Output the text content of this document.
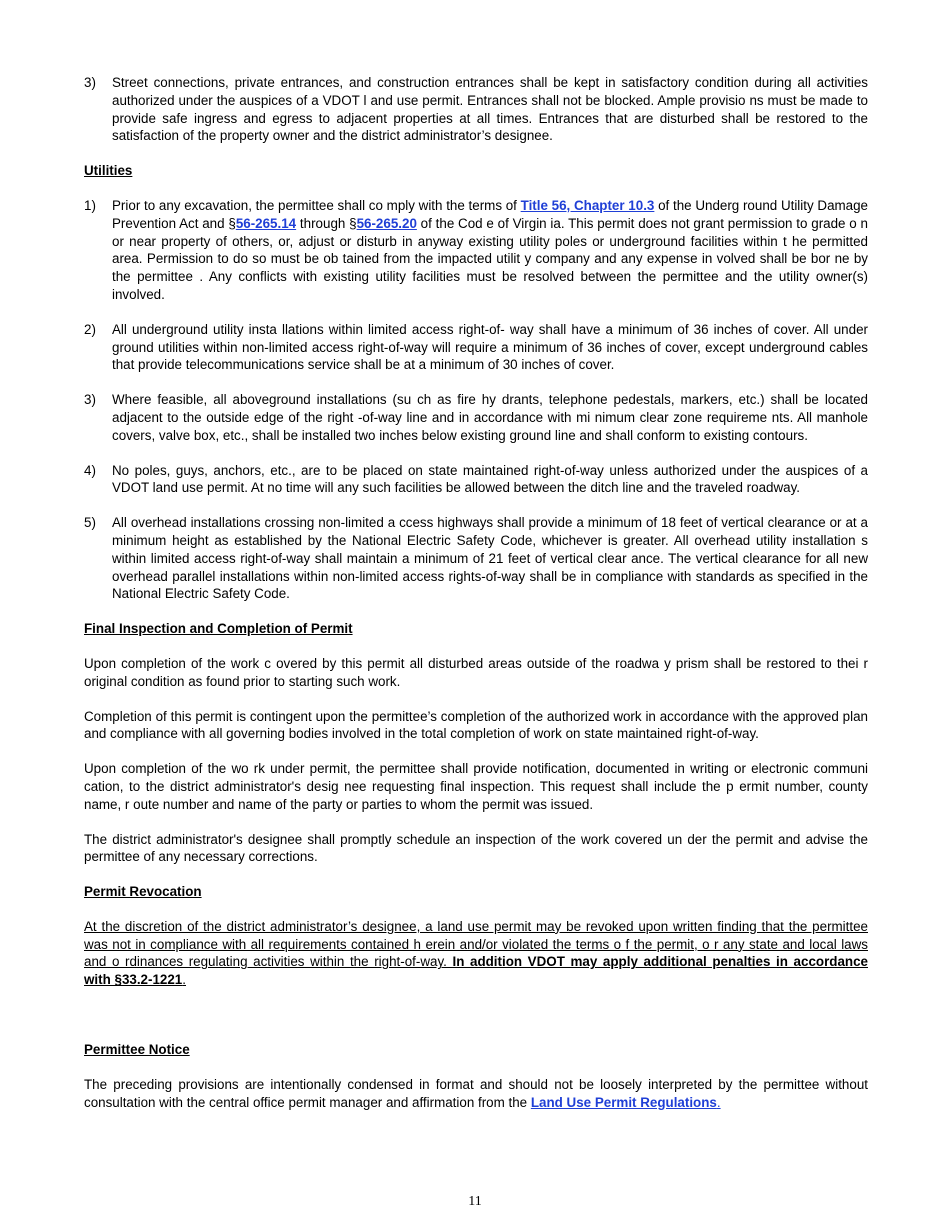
3)	Street connections, private entrances, and construction entrances shall be kept in satisfactory condition during all activities authorized under the auspices of a VDOT l and use permit. Entrances shall not be blocked. Ample provisio ns must be made to provide safe ingress and egress to adjacent properties at all times. Entrances that are disturbed shall be restored to the satisfaction of the property owner and the district administrator’s designee.
Utilities
1)	Prior to any excavation, the permittee shall co mply with the terms of Title 56, Chapter 10.3 of the Underg round Utility Damage Prevention Act and §56-265.14 through §56-265.20 of the Cod e of Virgin ia. This permit does not grant permission to grade o n or near property of others, or, adjust or disturb in anyway existing utility poles or underground facilities within t he permitted area. Permission to do so must be ob tained from the impacted utilit y company and any expense in volved shall be bor ne by the permittee . Any conflicts with existing utility facilities must be resolved between the permittee and the utility owner(s) involved.
2)	All underground utility insta llations within limited access right-of- way shall have a minimum of 36 inches of cover. All under ground utilities within non-limited access right-of-way will require a minimum of 36 inches of cover, except underground cables that provide telecommunications service shall be at a minimum of 30 inches of cover.
3)	Where feasible, all aboveground installations (su ch as fire hy drants, telephone pedestals, markers, etc.) shall be located adjacent to the outside edge of the right -of-way line and in accordance with mi nimum clear zone requireme nts. All manhole covers, valve box, etc., shall be installed two inches below existing ground line and shall conform to existing contours.
4)	No poles, guys, anchors, etc., are to be placed on state maintained right-of-way unless authorized under the auspices of a VDOT land use permit. At no time will any such facilities be allowed between the ditch line and the traveled roadway.
5)	All overhead installations crossing non-limited a ccess highways shall provide a minimum of 18 feet of vertical clearance or at a minimum height as established by the National Electric Safety Code, whichever is greater. All overhead utility installation s within limited access right-of-way shall maintain a minimum of 21 feet of vertical clear ance. The vertical clearance for all new overhead parallel installations within non-limited access rights-of-way shall be in compliance with standards as specified in the National Electric Safety Code.
Final Inspection and Completion of Permit

Upon completion of the work c overed by this permit all disturbed areas outside of the roadwa y prism shall be restored to thei r original condition as found prior to starting such work.

Completion of this permit is contingent upon the permittee’s completion of the authorized work in accordance with the approved plan and compliance with all governing bodies involved in the total completion of work on state maintained right-of-way.

Upon completion of the wo rk under permit, the permittee shall provide notification, documented in writing or electronic communi cation, to the district administrator's desig nee requesting final inspection. This request shall include the p ermit number, county name, r oute number and name of the party or parties to whom the permit was issued.

The district administrator's designee shall promptly schedule an inspection of the work covered un der the permit and advise the permittee of any necessary corrections.

Permit Revocation

At the discretion of the district administrator’s designee, a land use permit may be revoked upon written finding that the permittee was not in compliance with all requirements contained h erein and/or violated the terms o f the permit, o r any state and local laws and o rdinances regulating activities within the right-of-way. In addition VDOT may apply additional penalties in accordance with §33.2-1221.

Permittee Notice

The preceding provisions are intentionally condensed in format and should not be loosely interpreted by the permittee without consultation with the central office permit manager and affirmation from the Land Use Permit Regulations.

11
